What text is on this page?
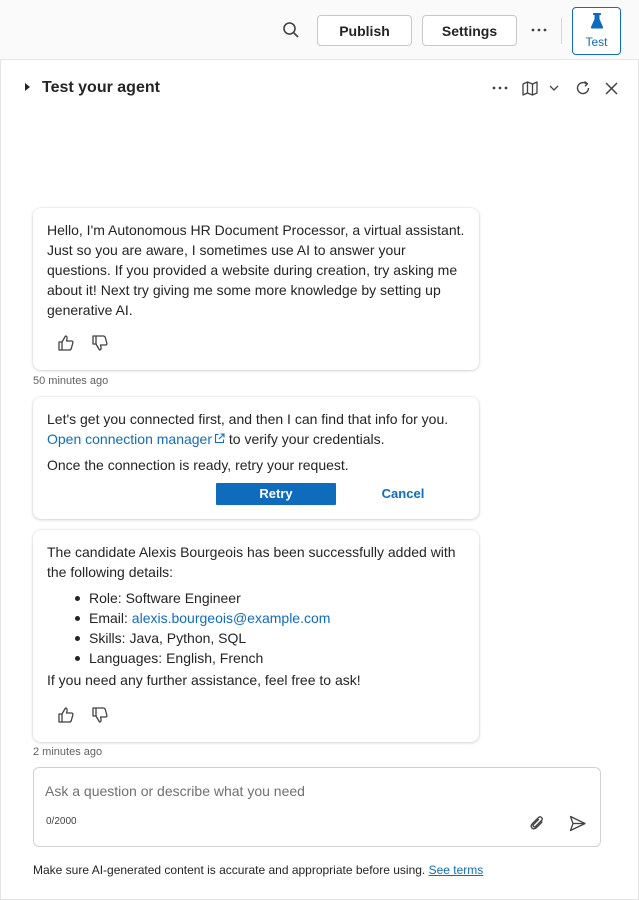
Publish	Settings
Test
Test your agent
Hello, I'm Autonomous HR Document Processor, a virtual assistant. Just so you are aware, I sometimes use AI to answer your questions. If you provided a website during creation, try asking me about it! Next try giving me some more knowledge by setting up generative AI.
50 minutes ago
Let's get you connected first, and then I can find that info for you.
Open connection manager to verify your credentials.
Once the connection is ready, retry your request.
Retry	Cancel
The candidate Alexis Bourgeois has been successfully added with the following details:
Role: Software Engineer
Email: alexis.bourgeois@example.com
Skills: Java, Python, SQL
Languages: English, French
If you need any further assistance, feel free to ask!
2 minutes ago
Ask a question or describe what you need
0/2000
Make sure AI-generated content is accurate and appropriate before using. See terms
